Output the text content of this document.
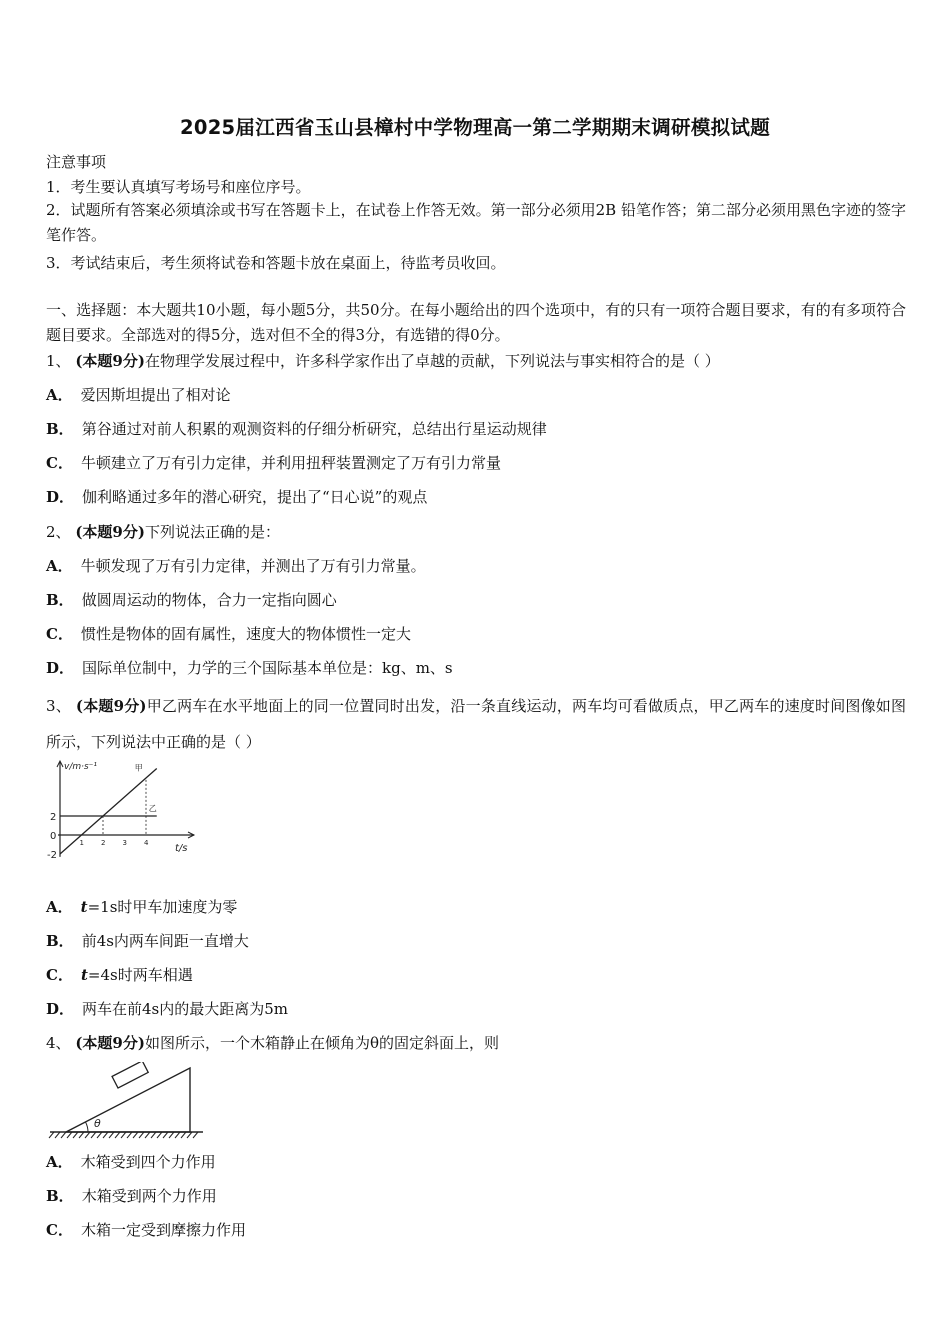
2025届江西省玉山县樟村中学物理高一第二学期期末调研模拟试题
注意事项
1．考生要认真填写考场号和座位序号。
2．试题所有答案必须填涂或书写在答题卡上，在试卷上作答无效。第一部分必须用2B 铅笔作答；第二部分必须用黑色字迹的签字笔作答。
3．考试结束后，考生须将试卷和答题卡放在桌面上，待监考员收回。
一、选择题：本大题共10小题，每小题5分，共50分。在每小题给出的四个选项中，有的只有一项符合题目要求，有的有多项符合题目要求。全部选对的得5分，选对但不全的得3分，有选错的得0分。
1、 (本题9分)在物理学发展过程中，许多科学家作出了卓越的贡献，下列说法与事实相符合的是（ ）
A． 爱因斯坦提出了相对论
B． 第谷通过对前人积累的观测资料的仔细分析研究，总结出行星运动规律
C． 牛顿建立了万有引力定律，并利用扭秤装置测定了万有引力常量
D． 伽利略通过多年的潜心研究，提出了“日心说”的观点
2、 (本题9分)下列说法正确的是：
A． 牛顿发现了万有引力定律，并测出了万有引力常量。
B． 做圆周运动的物体，合力一定指向圆心
C． 惯性是物体的固有属性，速度大的物体惯性一定大
D． 国际单位制中，力学的三个国际基本单位是：kg、m、s
3、 (本题9分)甲乙两车在水平地面上的同一位置同时出发，沿一条直线运动，两车均可看做质点，甲乙两车的速度时间图像如图所示，下列说法中正确的是（ ）
v/m·s⁻¹
t/s
1 2 3 4
2
0
-2
甲
乙
A． t=1s时甲车加速度为零
B． 前4s内两车间距一直增大
C． t=4s时两车相遇
D． 两车在前4s内的最大距离为5m
4、 (本题9分)如图所示，一个木箱静止在倾角为θ的固定斜面上，则
θ
A． 木箱受到四个力作用
B． 木箱受到两个力作用
C． 木箱一定受到摩擦力作用
